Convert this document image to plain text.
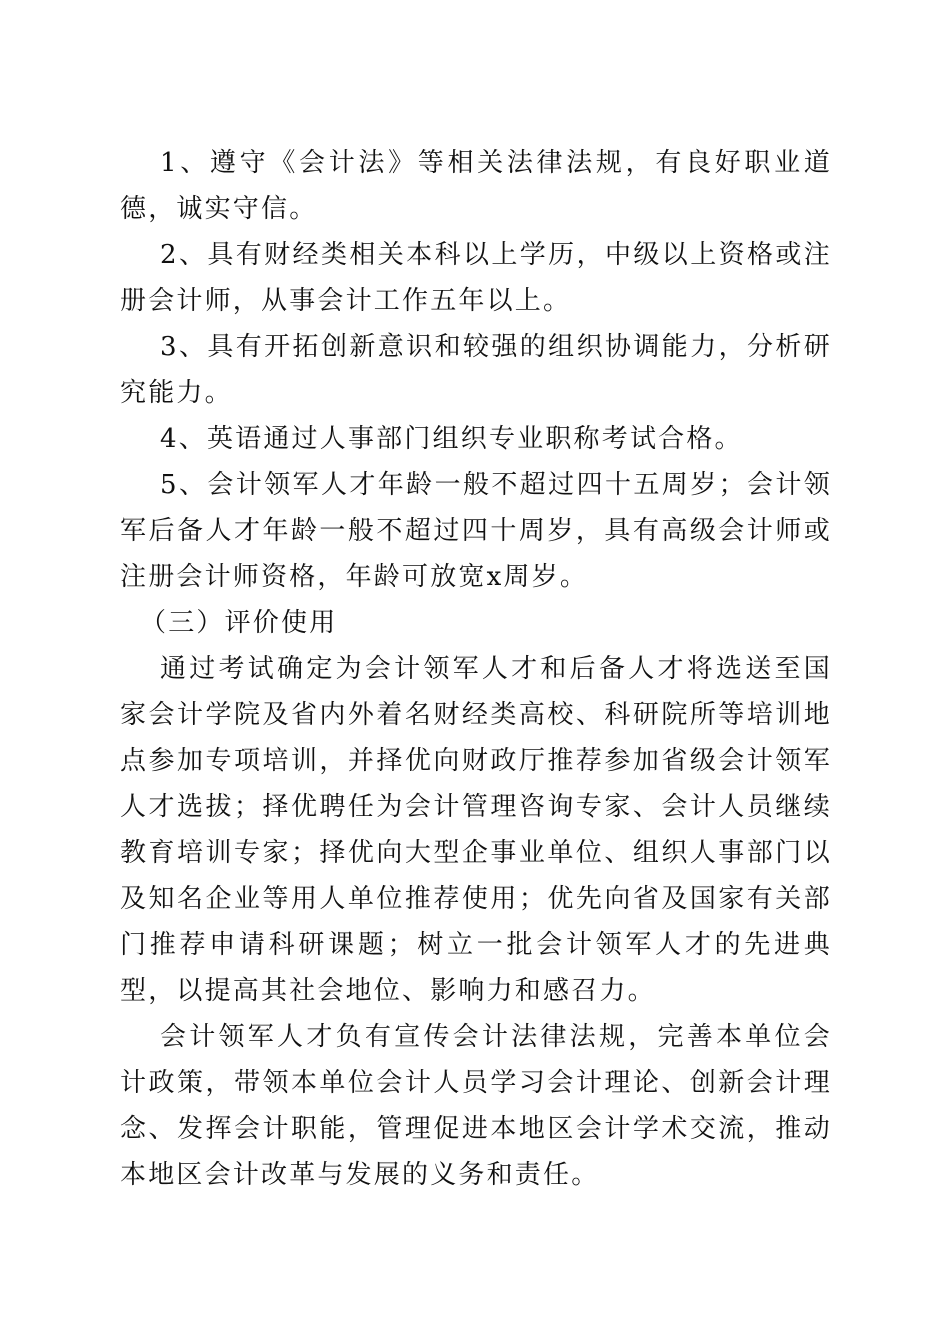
1、遵守《会计法》等相关法律法规，有良好职业道德，诚实守信。

2、具有财经类相关本科以上学历，中级以上资格或注册会计师，从事会计工作五年以上。

3、具有开拓创新意识和较强的组织协调能力，分析研究能力。

4、英语通过人事部门组织专业职称考试合格。

5、会计领军人才年龄一般不超过四十五周岁；会计领军后备人才年龄一般不超过四十周岁，具有高级会计师或注册会计师资格，年龄可放宽x周岁。

（三）评价使用

通过考试确定为会计领军人才和后备人才将选送至国家会计学院及省内外着名财经类高校、科研院所等培训地点参加专项培训，并择优向财政厅推荐参加省级会计领军人才选拔；择优聘任为会计管理咨询专家、会计人员继续教育培训专家；择优向大型企事业单位、组织人事部门以及知名企业等用人单位推荐使用；优先向省及国家有关部门推荐申请科研课题；树立一批会计领军人才的先进典型，以提高其社会地位、影响力和感召力。

会计领军人才负有宣传会计法律法规，完善本单位会计政策，带领本单位会计人员学习会计理论、创新会计理念、发挥会计职能，管理促进本地区会计学术交流，推动本地区会计改革与发展的义务和责任。
